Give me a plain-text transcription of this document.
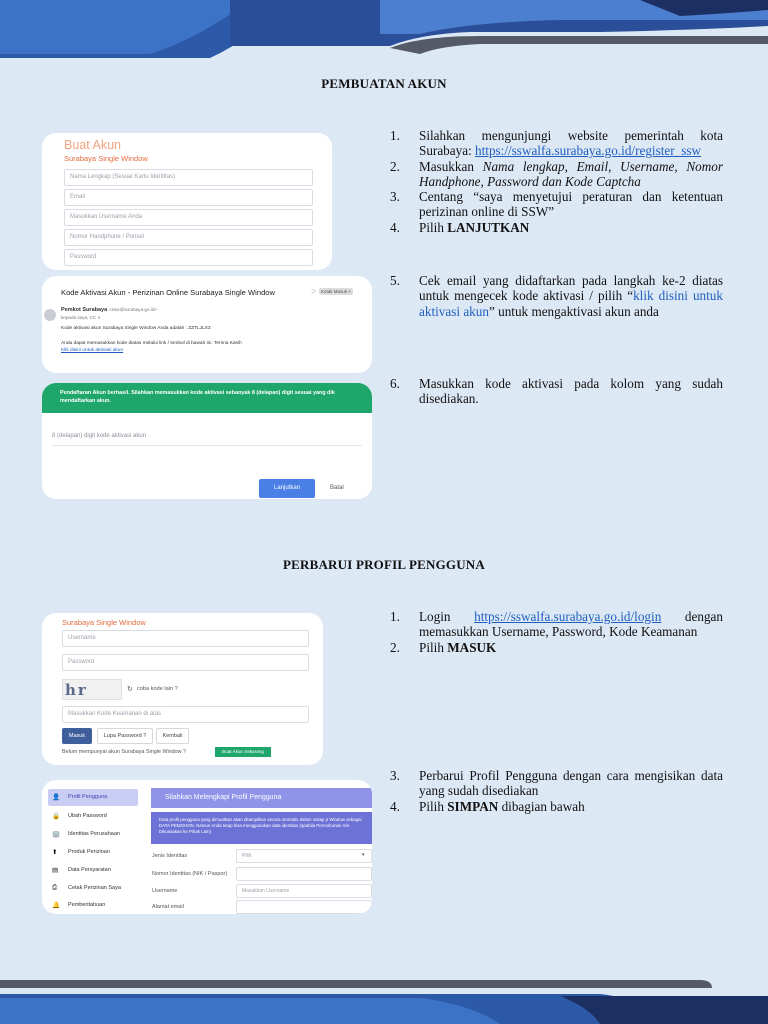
PEMBUATAN AKUN
Buat Akun
Surabaya Single Window
Nama Lengkap (Sesuai Kartu Identitas)
Email
Masukkan Username Anda
Nomor Handphone / Ponsel
Password
Kode Aktivasi Akun - Perizinan Online Surabaya Single Window	⊃	Kotak Masuk ×
Pemkot Surabaya <ssw@surabaya.go.id>
kepada saya, CC ∨
Kode aktivasi akun Surabaya Single Window Anda adalah : ZZTLJLX3
Anda dapat memasukkan kode diatas melalui link / tombol di bawah ini. Terima Kasih
Klik disini untuk aktivasi akun
Pendaftaran Akun berhasil. Silahkan memasukkan kode aktivasi sebanyak 8 (delapan) digit sesuai yang dik mendaftarkan akun.
8 (delapan) digit kode aktivasi akun
Lanjutkan	Batal
1. Silahkan mengunjungi website pemerintah kota Surabaya: https://sswalfa.surabaya.go.id/register_ssw
2. Masukkan Nama lengkap, Email, Username, Nomor Handphone, Password dan Kode Captcha
3. Centang “saya menyetujui peraturan dan ketentuan perizinan online di SSW”
4. Pilih LANJUTKAN
5. Cek email yang didaftarkan pada langkah ke-2 diatas untuk mengecek kode aktivasi / pilih “klik disini untuk aktivasi akun” untuk mengaktivasi akun anda
6. Masukkan kode aktivasi pada kolom yang sudah disediakan.
PERBARUI PROFIL PENGGUNA
Surabaya Single Window
Username
Password
hr	↻ coba kode lain ?
Masukkan Kode Keamanan di atas
Masuk	Lupa Password ?	Kembali
Belum mempunyai akun Surabaya Single Window ?	Buat Akun Sekarang
👤 Profil Pengguna
🔒 Ubah Password
🏢 Identitas Perusahaan
⬆ Produk Perizinan
▤ Data Persyaratan
⎙ Cetak Perizinan Saya
🔔 Pemberitahuan
Silahkan Melengkapi Profil Pengguna
Data profil pengguna yang dimuatkan akan ditampilkan secara otomatis dalam setiap p Window sebagai DATA PEMOHON. Namun Anda tetap bisa menggunakan data identitas (apabila Permohonan Izin Dikuasakan ke Pihak Lain)
Jenis Identitas	Pilih	▾
Nomor Identitas (NIK / Paspor)
Username	Masukkan Username
Alamat email
1. Login https://sswalfa.surabaya.go.id/login dengan memasukkan Username, Password, Kode Keamanan
2. Pilih MASUK
3. Perbarui Profil Pengguna dengan cara mengisikan data yang sudah disediakan
4. Pilih SIMPAN dibagian bawah
